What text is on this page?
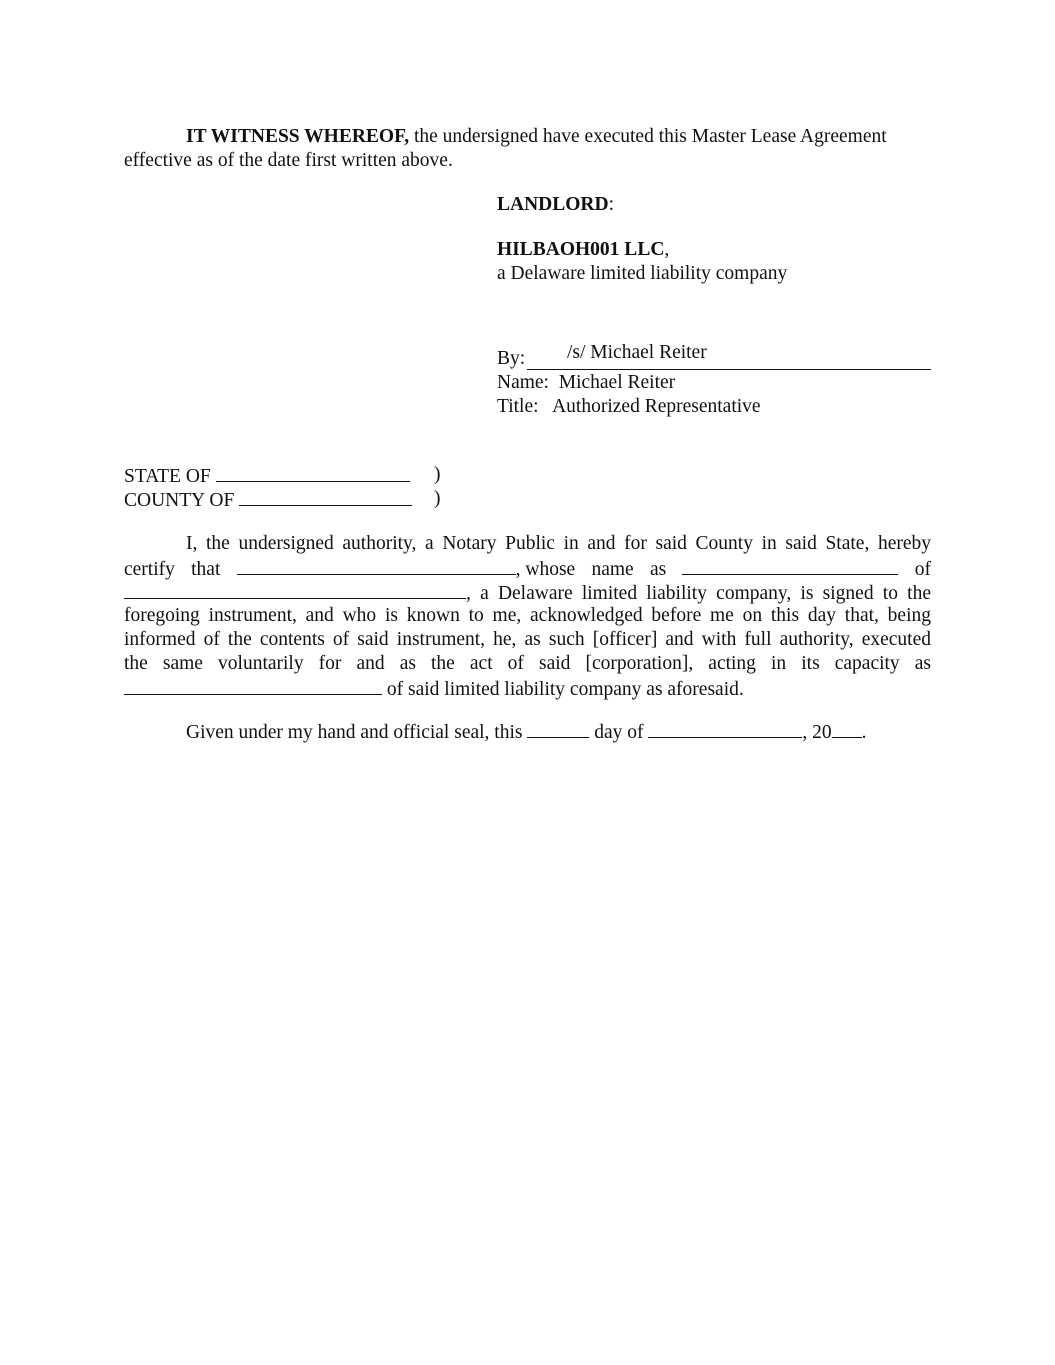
IT WITNESS WHEREOF, the undersigned have executed this Master Lease Agreement
effective as of the date first written above.
LANDLORD:
HILBAOH001 LLC,
a Delaware limited liability company
By: /s/ Michael Reiter
Name:  Michael Reiter
Title:   Authorized Representative
STATE OF	)
COUNTY OF	)
I, the undersigned authority, a Notary Public in and for said County in said State, hereby
certify that	, whose name as	of
, a Delaware limited liability company, is signed to the
foregoing instrument, and who is known to me, acknowledged before me on this day that, being
informed of the contents of said instrument, he, as such [officer] and with full authority, executed
the same voluntarily for and as the act of said [corporation], acting in its capacity as
of said limited liability company as aforesaid.
Given under my hand and official seal, this	day of	, 20 .
